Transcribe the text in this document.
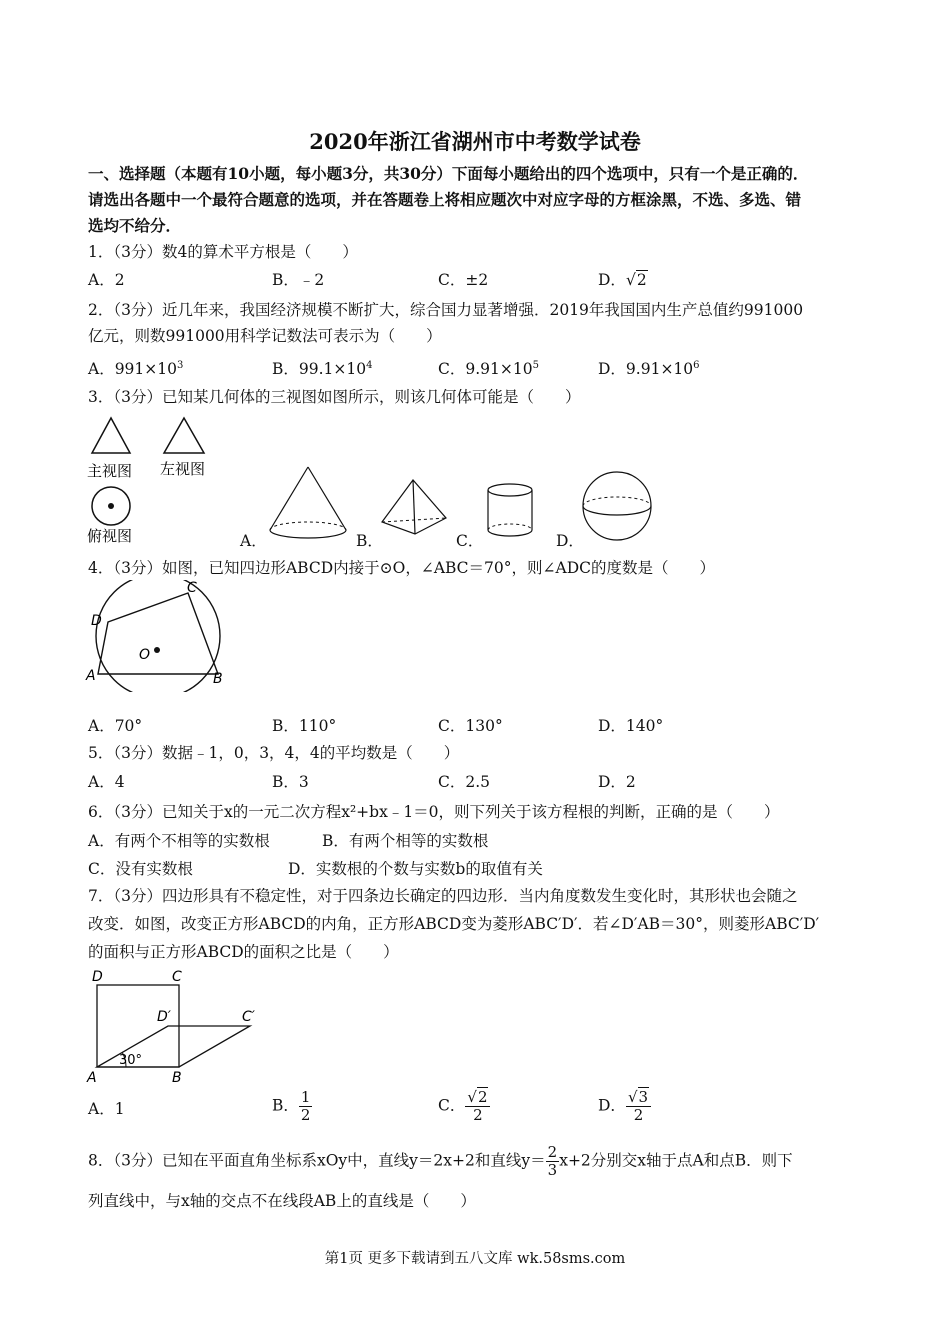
2020年浙江省湖州市中考数学试卷
一、选择题（本题有10小题，每小题3分，共30分）下面每小题给出的四个选项中，只有一个是正确的．
请选出各题中一个最符合题意的选项，并在答题卷上将相应题次中对应字母的方框涂黑，不选、多选、错
选均不给分．
1．（3分）数4的算术平方根是（　　）
A．2	B．﹣2	C．±2	D．√2
2．（3分）近几年来，我国经济规模不断扩大，综合国力显著增强．2019年我国国内生产总值约991000
亿元，则数991000用科学记数法可表示为（　　）
A．$991\times 10^3$	B．$99.1\times 10^4$	C．$9.91\times 10^5$	D．$9.91\times 10^6$
3．（3分）已知某几何体的三视图如图所示，则该几何体可能是（　　）
主视图 左视图
俯视图	A．	B．	C．	D．
4．（3分）如图，已知四边形ABCD内接于⊙O，∠ABC＝70°，则∠ADC的度数是（　　）
O
A	B
C
D
A．70°	B．110°	C．130°	D．140°
5．（3分）数据﹣1，0，3，4，4的平均数是（　　）
A．4	B．3	C．2.5	D．2
6．（3分）已知关于x的一元二次方程x²+bx﹣1＝0，则下列关于该方程根的判断，正确的是（　　）
A．有两个不相等的实数根	B．有两个相等的实数根
C．没有实数根	D．实数根的个数与实数b的取值有关
7．（3分）四边形具有不稳定性，对于四条边长确定的四边形．当内角度数发生变化时，其形状也会随之
改变．如图，改变正方形ABCD的内角，正方形ABCD变为菱形ABC′D′．若∠D′AB＝30°，则菱形ABC′D′
的面积与正方形ABCD的面积之比是（　　）
D	C
D′	C′
A	B
30°
A．1	B． $\frac{1}{2}$	C． $\frac{√2}{2}$	D． $\frac{√3}{2}$
8．（3分）已知在平面直角坐标系xOy中，直线y＝2x+2和直线$y= \frac{2}{3} x+2$分别交x轴于点A和点B．则下
列直线中，与x轴的交点不在线段AB上的直线是（　　）
第1页 更多下载请到五八文库 wk.58sms.com
